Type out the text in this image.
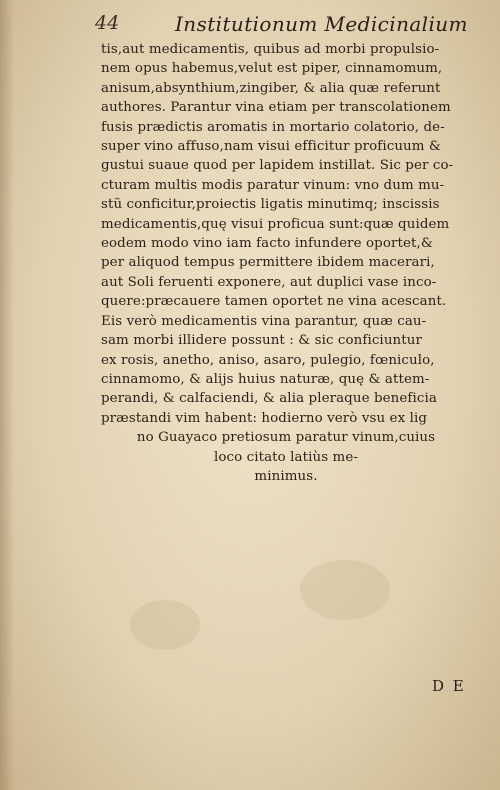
44	Institutionum Medicinalium
tis,aut medicamentis, quibus ad morbi propulsio-
nem opus habemus,velut est piper, cinnamomum,
anisum,absynthium,zingiber, & alia quæ referunt
authores. Parantur vina etiam per transcolationem
fusis prædictis aromatis in mortario colatorio, de-
super vino affuso,nam visui efficitur proficuum &
gustui suaue quod per lapidem instillat. Sic per co-
cturam multis modis paratur vinum: vno dum mu-
stũ conficitur,proiectis ligatis minutimq; inscissis
medicamentis,quę visui proficua sunt:quæ quidem
eodem modo vino iam facto infundere oportet,&
per aliquod tempus permittere ibidem macerari,
aut Soli feruenti exponere, aut duplici vase inco-
quere:præcauere tamen oportet ne vina acescant.
Eis verò medicamentis vina parantur, quæ cau-
sam morbi illidere possunt : & sic conficiuntur
ex rosis, anetho, aniso, asaro, pulegio, fœniculo,
cinnamomo, & alijs huius naturæ, quę & attem-
perandi, & calfaciendi, & alia pleraque beneficia
præstandi vim habent: hodierno verò vsu ex lig
no Guayaco pretiosum paratur vinum,cuius
loco citato latiùs me-
minimus.
D E
